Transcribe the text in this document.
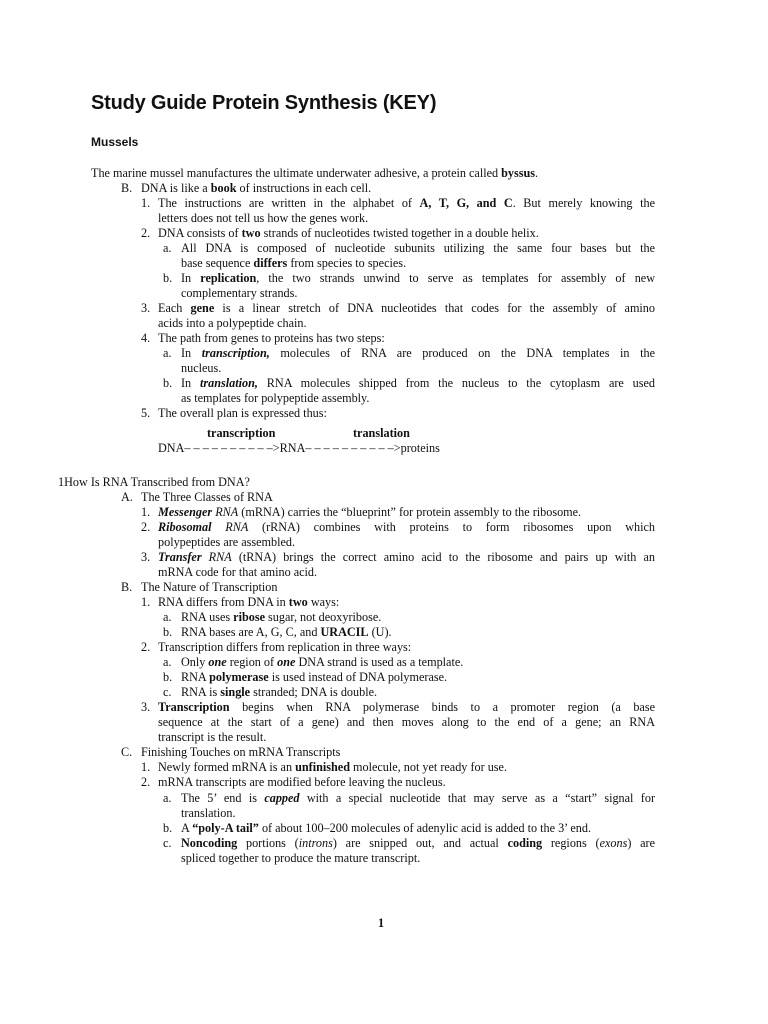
Study Guide Protein Synthesis (KEY)
Mussels
The marine mussel manufactures the ultimate underwater adhesive, a protein called byssus.
B. DNA is like a book of instructions in each cell.
1. The instructions are written in the alphabet of A, T, G, and C. But merely knowing the
letters does not tell us how the genes work.
2. DNA consists of two strands of nucleotides twisted together in a double helix.
a. All DNA is composed of nucleotide subunits utilizing the same four bases but the
base sequence differs from species to species.
b. In replication, the two strands unwind to serve as templates for assembly of new
complementary strands.
3. Each gene is a linear stretch of DNA nucleotides that codes for the assembly of amino
acids into a polypeptide chain.
4. The path from genes to proteins has two steps:
a. In transcription, molecules of RNA are produced on the DNA templates in the
nucleus.
b. In translation, RNA molecules shipped from the nucleus to the cytoplasm are used
as templates for polypeptide assembly.
5. The overall plan is expressed thus:
transcription	translation
DNA– – – – – – – – – –>RNA– – – – – – – – – –>proteins
1How Is RNA Transcribed from DNA?
A. The Three Classes of RNA
1. Messenger RNA (mRNA) carries the “blueprint” for protein assembly to the ribosome.
2. Ribosomal RNA (rRNA) combines with proteins to form ribosomes upon which
polypeptides are assembled.
3. Transfer RNA (tRNA) brings the correct amino acid to the ribosome and pairs up with an
mRNA code for that amino acid.
B. The Nature of Transcription
1. RNA differs from DNA in two ways:
a. RNA uses ribose sugar, not deoxyribose.
b. RNA bases are A, G, C, and URACIL (U).
2. Transcription differs from replication in three ways:
a. Only one region of one DNA strand is used as a template.
b. RNA polymerase is used instead of DNA polymerase.
c. RNA is single stranded; DNA is double.
3. Transcription begins when RNA polymerase binds to a promoter region (a base
sequence at the start of a gene) and then moves along to the end of a gene; an RNA
transcript is the result.
C. Finishing Touches on mRNA Transcripts
1. Newly formed mRNA is an unfinished molecule, not yet ready for use.
2. mRNA transcripts are modified before leaving the nucleus.
a. The 5’ end is capped with a special nucleotide that may serve as a “start” signal for
translation.
b. A “poly-A tail” of about 100–200 molecules of adenylic acid is added to the 3’ end.
c. Noncoding portions (introns) are snipped out, and actual coding regions (exons) are
spliced together to produce the mature transcript.
1
